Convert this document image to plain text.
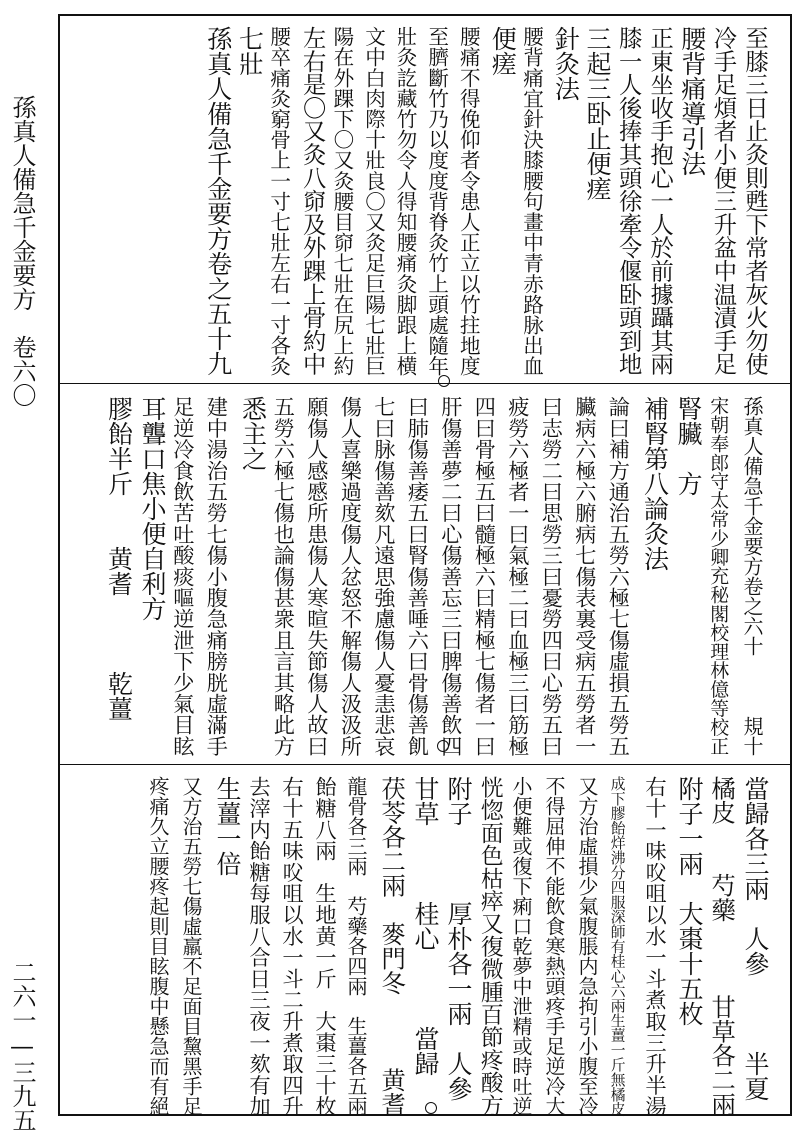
孫真人備急千金要方　卷六〇
二六一—三九五
至膝三日止灸則甦下常者灰火勿使
冷手足煩者小便三升盆中温漬手足
腰背痛導引法
正東坐收手抱心一人於前據躡其兩
膝一人後捧其頭徐牽令偃卧頭到地
三起三卧止便瘥
針灸法
腰背痛宜針決膝腰句畫中青赤路脉出血
便瘥
腰痛不得俛仰者令患人正立以竹拄地度
至臍斷竹乃以度度背脊灸竹上頭處隨年
壯灸訖藏竹勿令人得知腰痛灸脚跟上横
文中白肉際十壯良〇又灸足巨陽七壯巨
陽在外踝下〇又灸腰目窌七壯在尻上約
左右是〇又灸八窌及外踝上骨約中
腰卒痛灸窮骨上一寸七壯左右一寸各灸
七壯
孫真人備急千金要方卷之五十九
孫真人備急千金要方卷之六十　　　規十
宋朝奉郎守太常少卿充秘閣校理林億等校正
腎臟　方
補腎第八論灸法
論曰補方通治五勞六極七傷虛損五勞五
臟病六極六腑病七傷表裏受病五勞者一
曰志勞二曰思勞三曰憂勞四曰心勞五曰
疲勞六極者一曰氣極二曰血極三曰筋極
四曰骨極五曰髓極六曰精極七傷者一曰
肝傷善夢二曰心傷善忘三曰脾傷善飲四
曰肺傷善痿五曰腎傷善唾六曰骨傷善飢
七曰脉傷善欬凡遠思強慮傷人憂恚悲哀
傷人喜樂過度傷人忿怒不解傷人汲汲所
願傷人感慼所患傷人寒暄失節傷人故曰
五勞六極七傷也論傷甚衆且言其略此方
悉主之
建中湯治五勞七傷小腹急痛膀胱虛滿手
足逆冷食飲苦吐酸痰嘔逆泄下少氣目眩
耳聾口焦小便自利方
膠飴半斤　　黄耆　　　乾薑
當歸各三兩　人參　　　半夏
橘皮　　芍藥　　　甘草各二兩
附子一兩　大棗十五枚
右十一味㕮咀以水一斗煮取三升半湯
成下膠飴烊沸分四服深師有桂心六兩生薑一斤無橘皮
又方治虛損少氣腹脹内急拘引小腹至冷
不得屈伸不能飲食寒熱頭疼手足逆冷大
小便難或復下痢口乾夢中泄精或時吐逆
恍惚面色枯瘁又復微腫百節疼酸方
附子　　　厚朴各一兩　人參
甘草　　　桂心　　　當歸
茯苓各二兩　麥門冬　　　黄耆
龍骨各三兩　芍藥各四兩　生薑各五兩
飴糖八兩　生地黄一斤　大棗三十枚
右十五味㕮咀以水一斗二升煮取四升
去滓内飴糖每服八合日三夜一欬有加
生薑一倍
又方治五勞七傷虛羸不足面目黧黑手足
疼痛久立腰疼起則目眩腹中懸急而有絕
